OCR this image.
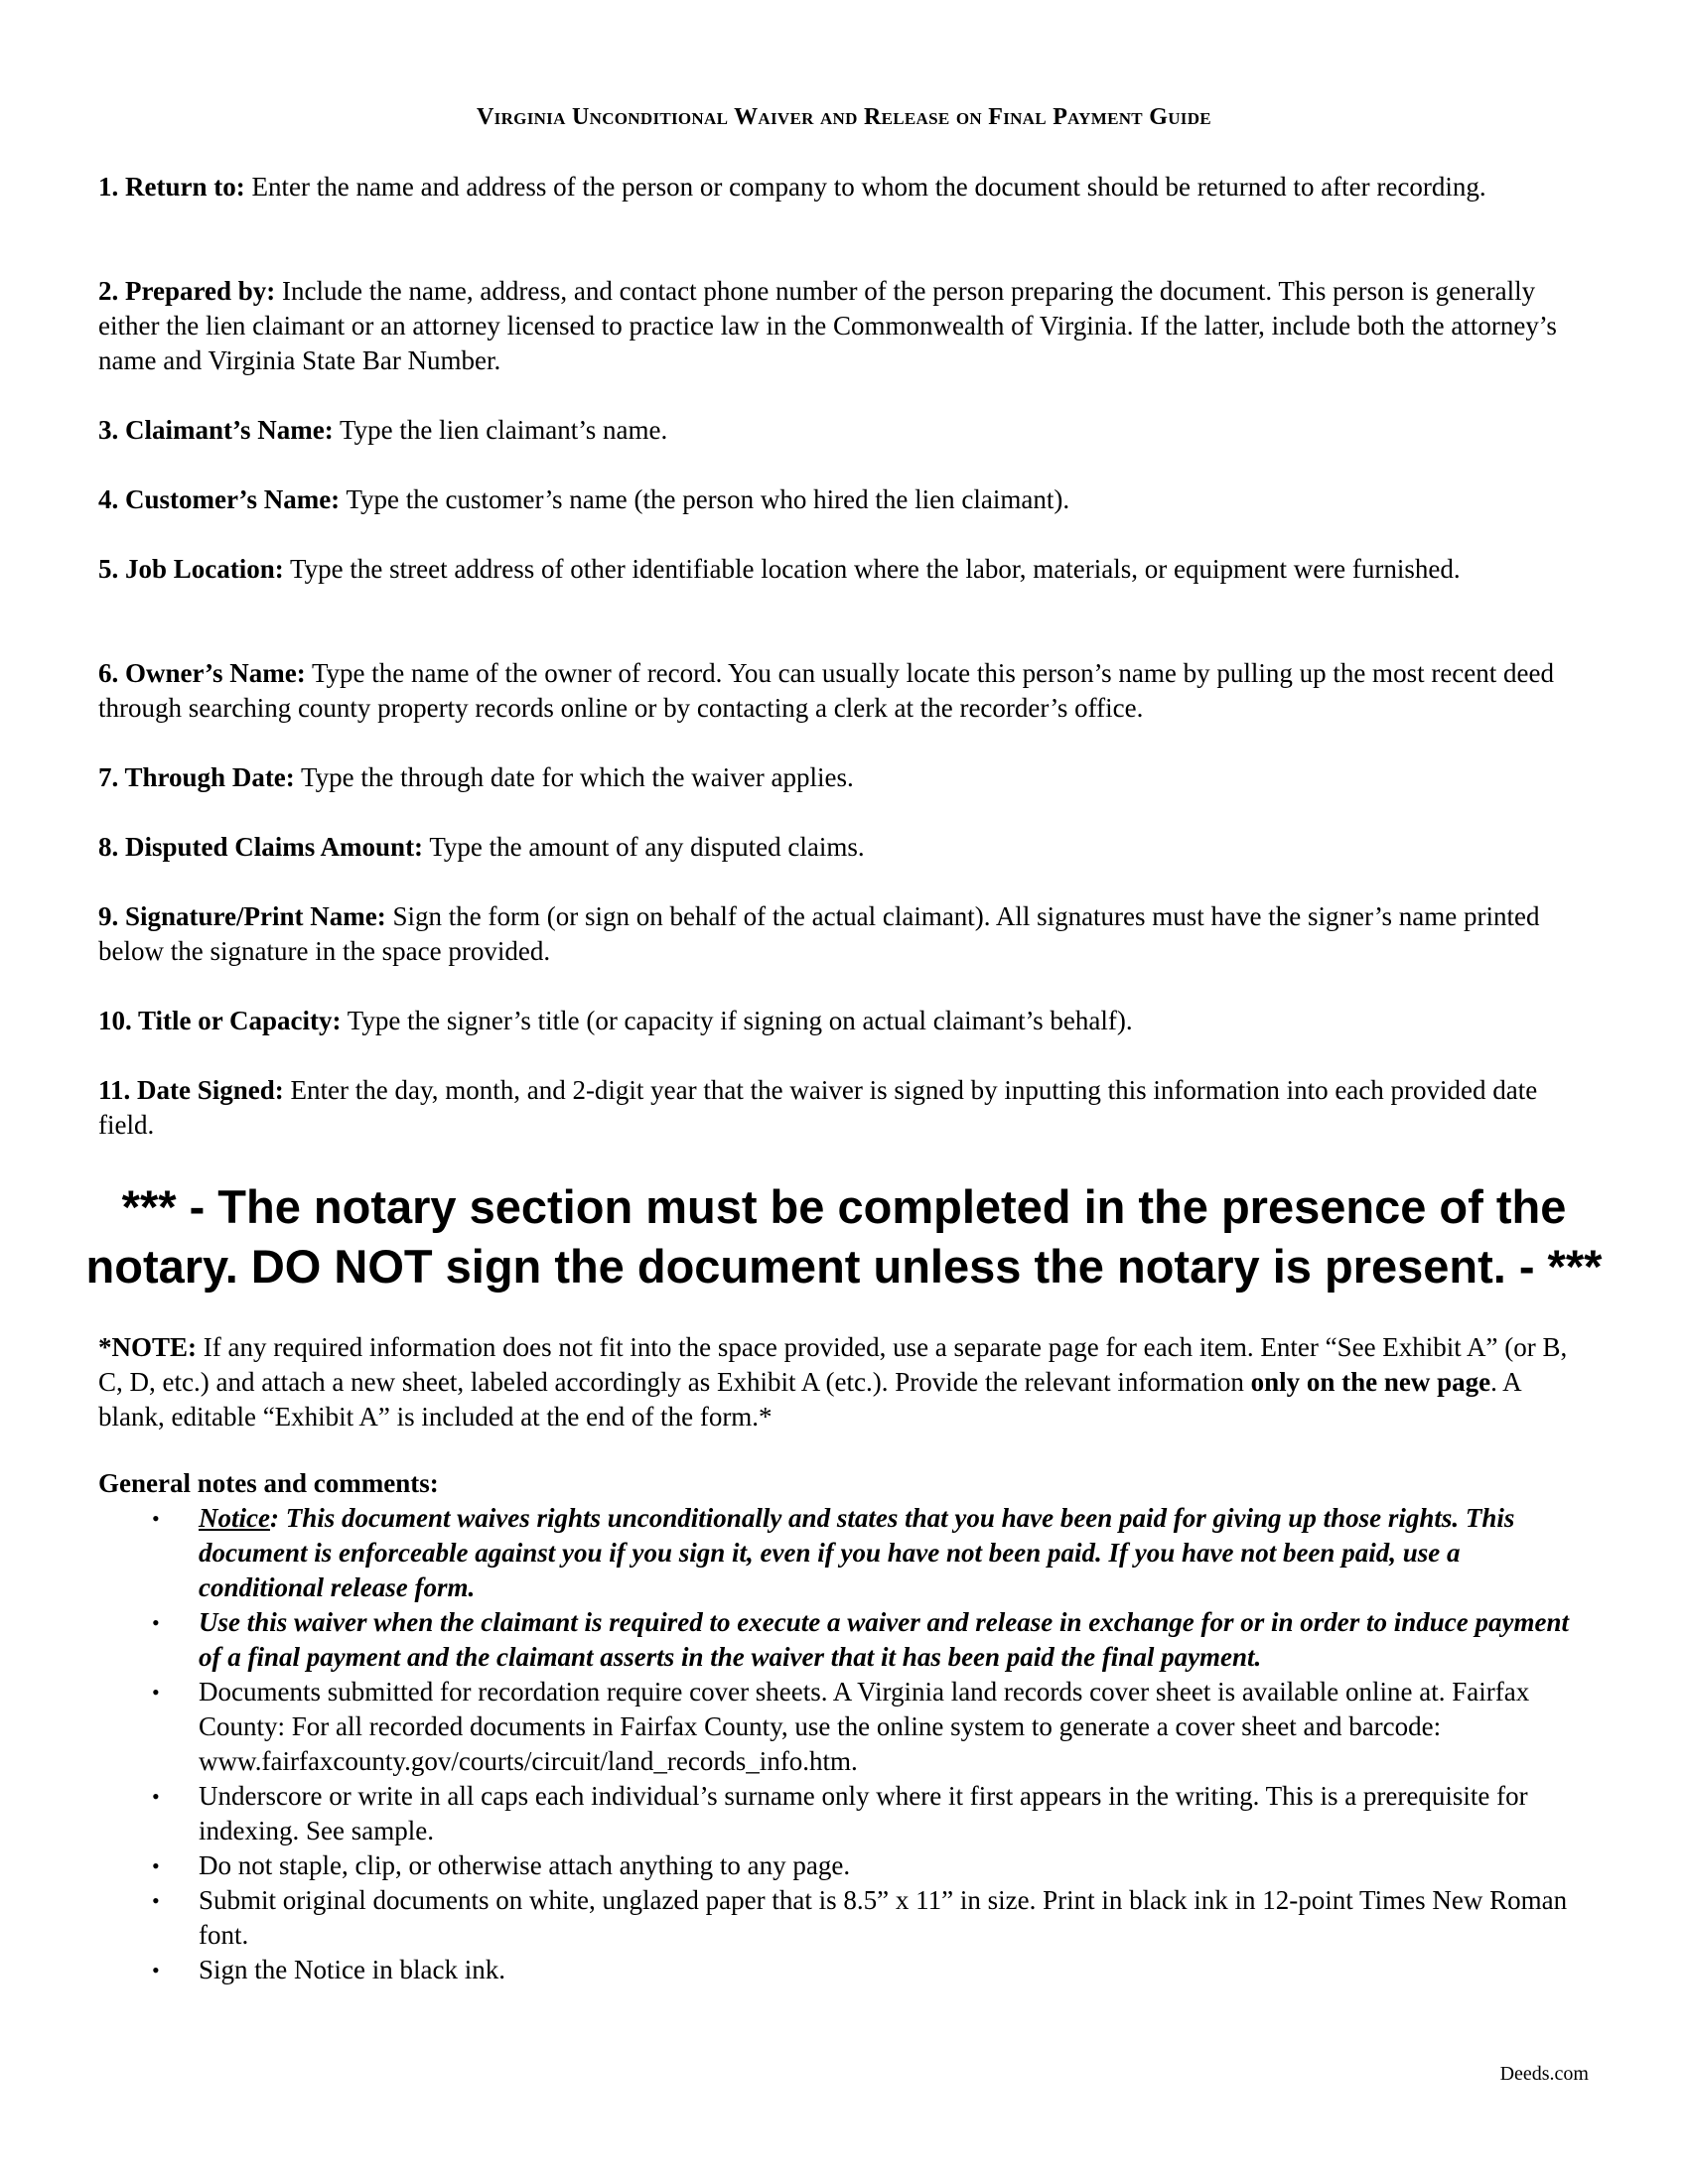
Virginia Unconditional Waiver and Release on Final Payment Guide

1. Return to: Enter the name and address of the person or company to whom the document should be returned to after recording.

2. Prepared by: Include the name, address, and contact phone number of the person preparing the document. This person is generally either the lien claimant or an attorney licensed to practice law in the Commonwealth of Virginia. If the latter, include both the attorney’s name and Virginia State Bar Number.

3. Claimant’s Name: Type the lien claimant’s name.

4. Customer’s Name: Type the customer’s name (the person who hired the lien claimant).

5. Job Location: Type the street address of other identifiable location where the labor, materials, or equipment were furnished.

6. Owner’s Name: Type the name of the owner of record. You can usually locate this person’s name by pulling up the most recent deed through searching county property records online or by contacting a clerk at the recorder’s office.

7. Through Date: Type the through date for which the waiver applies.

8. Disputed Claims Amount: Type the amount of any disputed claims.

9. Signature/Print Name: Sign the form (or sign on behalf of the actual claimant). All signatures must have the signer’s name printed below the signature in the space provided.

10. Title or Capacity: Type the signer’s title (or capacity if signing on actual claimant’s behalf).

11. Date Signed: Enter the day, month, and 2-digit year that the waiver is signed by inputting this information into each provided date field.

*** - The notary section must be completed in the presence of the notary. DO NOT sign the document unless the notary is present. - ***

*NOTE: If any required information does not fit into the space provided, use a separate page for each item. Enter “See Exhibit A” (or B, C, D, etc.) and attach a new sheet, labeled accordingly as Exhibit A (etc.). Provide the relevant information only on the new page. A blank, editable “Exhibit A” is included at the end of the form.*

General notes and comments:

• Notice: This document waives rights unconditionally and states that you have been paid for giving up those rights. This document is enforceable against you if you sign it, even if you have not been paid. If you have not been paid, use a conditional release form.
• Use this waiver when the claimant is required to execute a waiver and release in exchange for or in order to induce payment of a final payment and the claimant asserts in the waiver that it has been paid the final payment.
• Documents submitted for recordation require cover sheets. A Virginia land records cover sheet is available online at. Fairfax County: For all recorded documents in Fairfax County, use the online system to generate a cover sheet and barcode: www.fairfaxcounty.gov/courts/circuit/land_records_info.htm.
• Underscore or write in all caps each individual’s surname only where it first appears in the writing. This is a prerequisite for indexing. See sample.
• Do not staple, clip, or otherwise attach anything to any page.
• Submit original documents on white, unglazed paper that is 8.5” x 11” in size. Print in black ink in 12-point Times New Roman font.
• Sign the Notice in black ink.
Deeds.com
